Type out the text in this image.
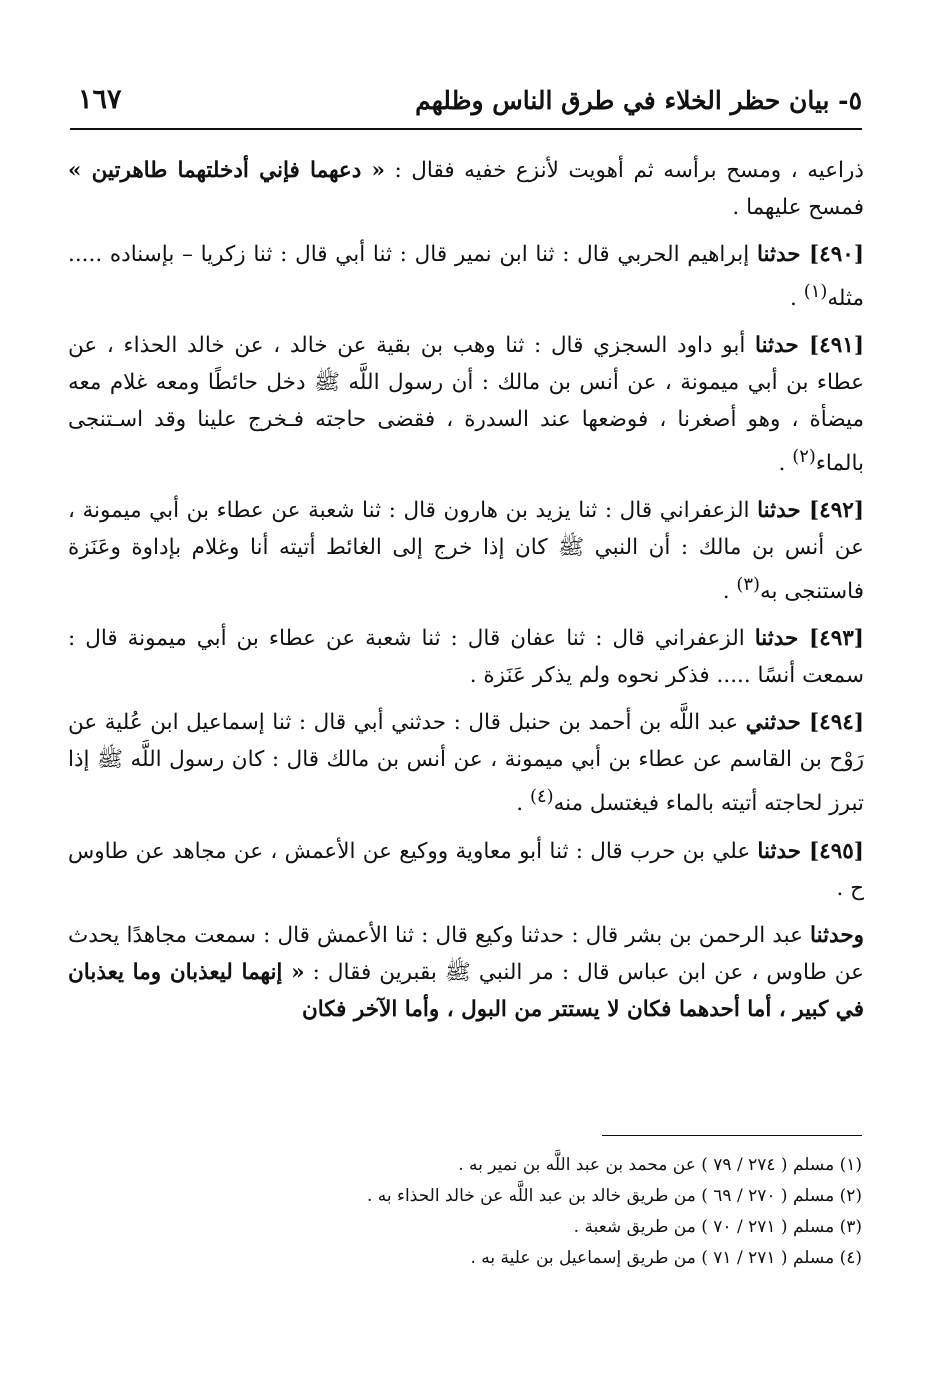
٥- بيان حظر الخلاء في طرق الناس وظلهم
١٦٧

ذراعيه ، ومسح برأسه ثم أهويت لأنزع خفيه فقال : « دعهما فإني أدخلتهما طاهرتين » فمسح عليهما .

[٤٩٠] حدثنا إبراهيم الحربي قال : ثنا ابن نمير قال : ثنا أبي قال : ثنا زكريا – بإسناده ..... مثله$^{(١)}$ .

[٤٩١] حدثنا أبو داود السجزي قال : ثنا وهب بن بقية عن خالد ، عن خالد الحذاء ، عن عطاء بن أبي ميمونة ، عن أنس بن مالك : أن رسول اللَّه ﷺ دخل حائطًا ومعه غلام معه ميضأة ، وهو أصغرنا ، فوضعها عند السدرة ، فقضى حاجته فـخرج علينا وقد اسـتنجى بالماء$^{(٢)}$ .

[٤٩٢] حدثنا الزعفراني قال : ثنا يزيد بن هارون قال : ثنا شعبة عن عطاء بن أبي ميمونة ، عن أنس بن مالك : أن النبي ﷺ كان إذا خرج إلى الغائط أتيته أنا وغلام بإداوة وعَنَزة فاستنجى به$^{(٣)}$ .

[٤٩٣] حدثنا الزعفراني قال : ثنا عفان قال : ثنا شعبة عن عطاء بن أبي ميمونة قال : سمعت أنسًا ..... فذكر نحوه ولم يذكر عَنَزة .

[٤٩٤] حدثني عبد اللَّه بن أحمد بن حنبل قال : حدثني أبي قال : ثنا إسماعيل ابن عُلية عن رَوْح بن القاسم عن عطاء بن أبي ميمونة ، عن أنس بن مالك قال : كان رسول اللَّه ﷺ إذا تبرز لحاجته أتيته بالماء فيغتسل منه$^{(٤)}$ .

[٤٩٥] حدثنا علي بن حرب قال : ثنا أبو معاوية ووكيع عن الأعمش ، عن مجاهد عن طاوس ح .

وحدثنا عبد الرحمن بن بشر قال : حدثنا وكيع قال : ثنا الأعمش قال : سمعت مجاهدًا يحدث عن طاوس ، عن ابن عباس قال : مر النبي ﷺ بقبرين فقال : « إنهما ليعذبان وما يعذبان في كبير ، أما أحدهما فكان لا يستتر من البول ، وأما الآخر فكان

(١) مسلم ( ٢٧٤ / ٧٩ ) عن محمد بن عبد اللَّه بن نمير به .

(٢) مسلم ( ٢٧٠ / ٦٩ ) من طريق خالد بن عبد اللَّه عن خالد الحذاء به .

(٣) مسلم ( ٢٧١ / ٧٠ ) من طريق شعبة .

(٤) مسلم ( ٢٧١ / ٧١ ) من طريق إسماعيل بن علية به .
